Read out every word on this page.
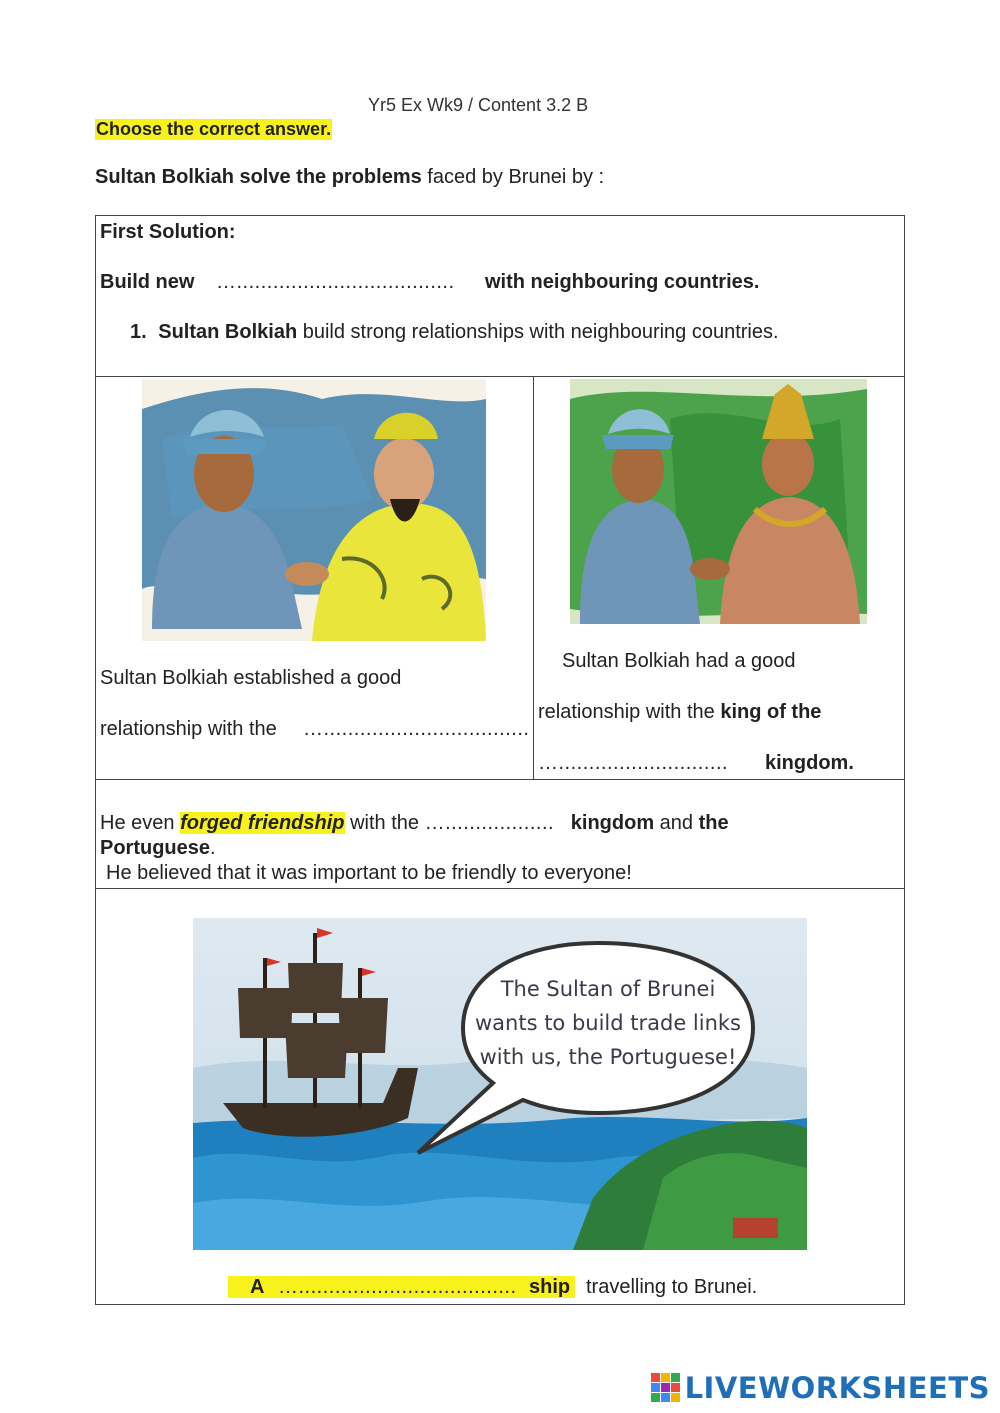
Yr5 Ex Wk9 / Content 3.2 B
Choose the correct answer.
Sultan Bolkiah solve the problems faced by Brunei by :
First Solution:
Build new ….................................... with neighbouring countries.
1. Sultan Bolkiah build strong relationships with neighbouring countries.
Sultan Bolkiah established a good
relationship with the …..................................
Sultan Bolkiah had a good
relationship with the king of the
…............................ kingdom.
He even forged friendship with the ….................. kingdom and the
Portuguese.
He believed that it was important to be friendly to everyone!
The Sultan of Brunei
wants to build trade links
with us, the Portuguese!
A ….................................... ship travelling to Brunei.
LIVEWORKSHEETS
